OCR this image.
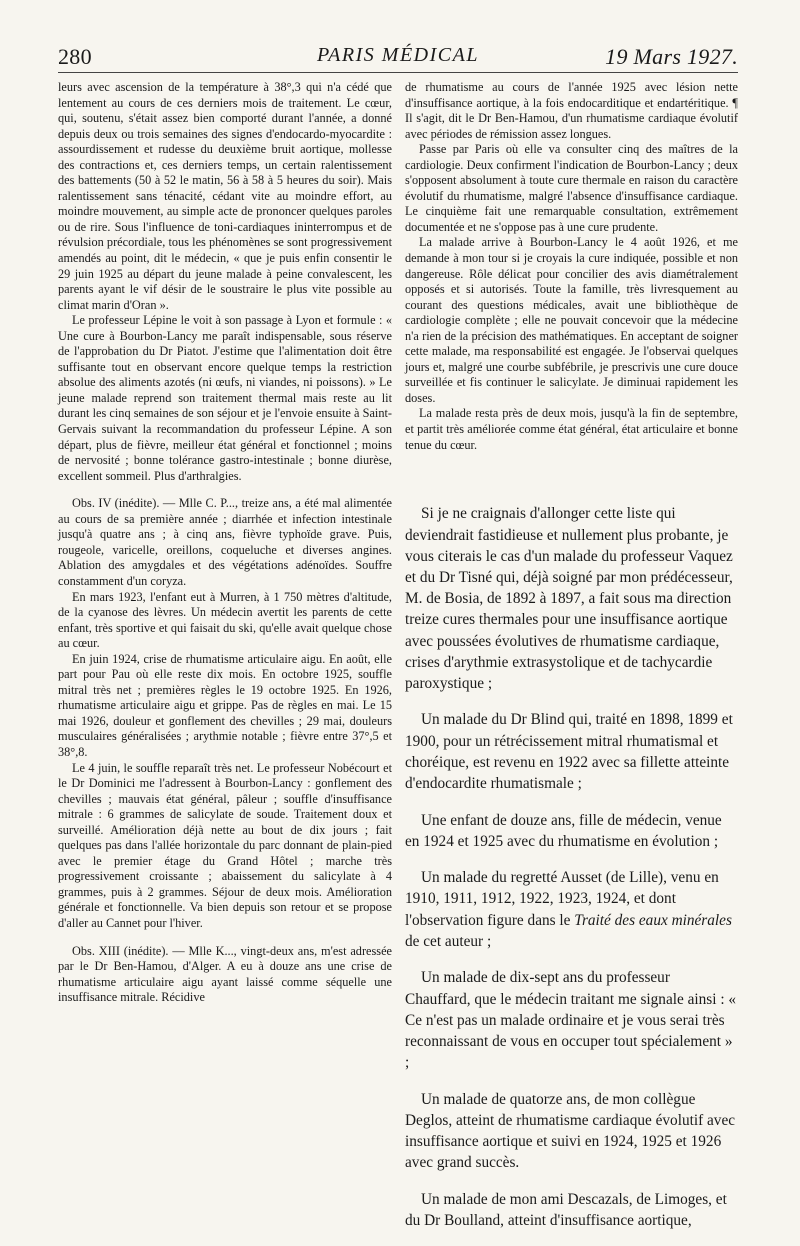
280	PARIS MÉDICAL	19 Mars 1927.

leurs avec ascension de la température à 38°,3 qui n'a cédé que lentement au cours de ces derniers mois de traitement. Le cœur, qui, soutenu, s'était assez bien comporté durant l'année, a donné depuis deux ou trois semaines des signes d'endocardo-myocardite : assourdissement et rudesse du deuxième bruit aortique, mollesse des contractions et, ces derniers temps, un certain ralentissement des battements (50 à 52 le matin, 56 à 58 à 5 heures du soir). Mais ralentissement sans ténacité, cédant vite au moindre effort, au moindre mouvement, au simple acte de prononcer quelques paroles ou de rire. Sous l'influence de toni-cardiaques ininterrompus et de révulsion précordiale, tous les phénomènes se sont progressivement amendés au point, dit le médecin, « que je puis enfin consentir le 29 juin 1925 au départ du jeune malade à peine convalescent, les parents ayant le vif désir de le soustraire le plus vite possible au climat marin d'Oran ».

Le professeur Lépine le voit à son passage à Lyon et formule : « Une cure à Bourbon-Lancy me paraît indispensable, sous réserve de l'approbation du Dr Piatot. J'estime que l'alimentation doit être suffisante tout en observant encore quelque temps la restriction absolue des aliments azotés (ni œufs, ni viandes, ni poissons). » Le jeune malade reprend son traitement thermal mais reste au lit durant les cinq semaines de son séjour et je l'envoie ensuite à Saint-Gervais suivant la recommandation du professeur Lépine. A son départ, plus de fièvre, meilleur état général et fonctionnel ; moins de nervosité ; bonne tolérance gastro-intestinale ; bonne diurèse, excellent sommeil. Plus d'arthralgies.

Obs. IV (inédite). — Mlle C. P..., treize ans, a été mal alimentée au cours de sa première année ; diarrhée et infection intestinale jusqu'à quatre ans ; à cinq ans, fièvre typhoïde grave. Puis, rougeole, varicelle, oreillons, coqueluche et diverses angines. Ablation des amygdales et des végétations adénoïdes. Souffre constamment d'un coryza.

En mars 1923, l'enfant eut à Murren, à 1 750 mètres d'altitude, de la cyanose des lèvres. Un médecin avertit les parents de cette enfant, très sportive et qui faisait du ski, qu'elle avait quelque chose au cœur.

En juin 1924, crise de rhumatisme articulaire aigu. En août, elle part pour Pau où elle reste dix mois. En octobre 1925, souffle mitral très net ; premières règles le 19 octobre 1925. En 1926, rhumatisme articulaire aigu et grippe. Pas de règles en mai. Le 15 mai 1926, douleur et gonflement des chevilles ; 29 mai, douleurs musculaires généralisées ; arythmie notable ; fièvre entre 37°,5 et 38°,8.

Le 4 juin, le souffle reparaît très net. Le professeur Nobécourt et le Dr Dominici me l'adressent à Bourbon-Lancy : gonflement des chevilles ; mauvais état général, pâleur ; souffle d'insuffisance mitrale : 6 grammes de salicylate de soude. Traitement doux et surveillé. Amélioration déjà nette au bout de dix jours ; fait quelques pas dans l'allée horizontale du parc donnant de plain-pied avec le premier étage du Grand Hôtel ; marche très progressivement croissante ; abaissement du salicylate à 4 grammes, puis à 2 grammes. Séjour de deux mois. Amélioration générale et fonctionnelle. Va bien depuis son retour et se propose d'aller au Cannet pour l'hiver.

Obs. XIII (inédite). — Mlle K..., vingt-deux ans, m'est adressée par le Dr Ben-Hamou, d'Alger. A eu à douze ans une crise de rhumatisme articulaire aigu ayant laissé comme séquelle une insuffisance mitrale. Récidive

de rhumatisme au cours de l'année 1925 avec lésion nette d'insuffisance aortique, à la fois endocarditique et endartéritique. ¶ Il s'agit, dit le Dr Ben-Hamou, d'un rhumatisme cardiaque évolutif avec périodes de rémission assez longues.

Passe par Paris où elle va consulter cinq des maîtres de la cardiologie. Deux confirment l'indication de Bourbon-Lancy ; deux s'opposent absolument à toute cure thermale en raison du caractère évolutif du rhumatisme, malgré l'absence d'insuffisance cardiaque. Le cinquième fait une remarquable consultation, extrêmement documentée et ne s'oppose pas à une cure prudente.

La malade arrive à Bourbon-Lancy le 4 août 1926, et me demande à mon tour si je croyais la cure indiquée, possible et non dangereuse. Rôle délicat pour concilier des avis diamétralement opposés et si autorisés. Toute la famille, très livresquement au courant des questions médicales, avait une bibliothèque de cardiologie complète ; elle ne pouvait concevoir que la médecine n'a rien de la précision des mathématiques. En acceptant de soigner cette malade, ma responsabilité est engagée. Je l'observai quelques jours et, malgré une courbe subfébrile, je prescrivis une cure douce surveillée et fis continuer le salicylate. Je diminuai rapidement les doses.

La malade resta près de deux mois, jusqu'à la fin de septembre, et partit très améliorée comme état général, état articulaire et bonne tenue du cœur.

Si je ne craignais d'allonger cette liste qui deviendrait fastidieuse et nullement plus probante, je vous citerais le cas d'un malade du professeur Vaquez et du Dr Tisné qui, déjà soigné par mon prédécesseur, M. de Bosia, de 1892 à 1897, a fait sous ma direction treize cures thermales pour une insuffisance aortique avec poussées évolutives de rhumatisme cardiaque, crises d'arythmie extrasystolique et de tachycardie paroxystique ;

Un malade du Dr Blind qui, traité en 1898, 1899 et 1900, pour un rétrécissement mitral rhumatismal et choréique, est revenu en 1922 avec sa fillette atteinte d'endocardite rhumatismale ;

Une enfant de douze ans, fille de médecin, venue en 1924 et 1925 avec du rhumatisme en évolution ;

Un malade du regretté Ausset (de Lille), venu en 1910, 1911, 1912, 1922, 1923, 1924, et dont l'observation figure dans le Traité des eaux minérales de cet auteur ;

Un malade de dix-sept ans du professeur Chauffard, que le médecin traitant me signale ainsi : « Ce n'est pas un malade ordinaire et je vous serai très reconnaissant de vous en occuper tout spécialement » ;

Un malade de quatorze ans, de mon collègue Deglos, atteint de rhumatisme cardiaque évolutif avec insuffisance aortique et suivi en 1924, 1925 et 1926 avec grand succès.

Un malade de mon ami Descazals, de Limoges, et du Dr Boulland, atteint d'insuffisance aortique,
